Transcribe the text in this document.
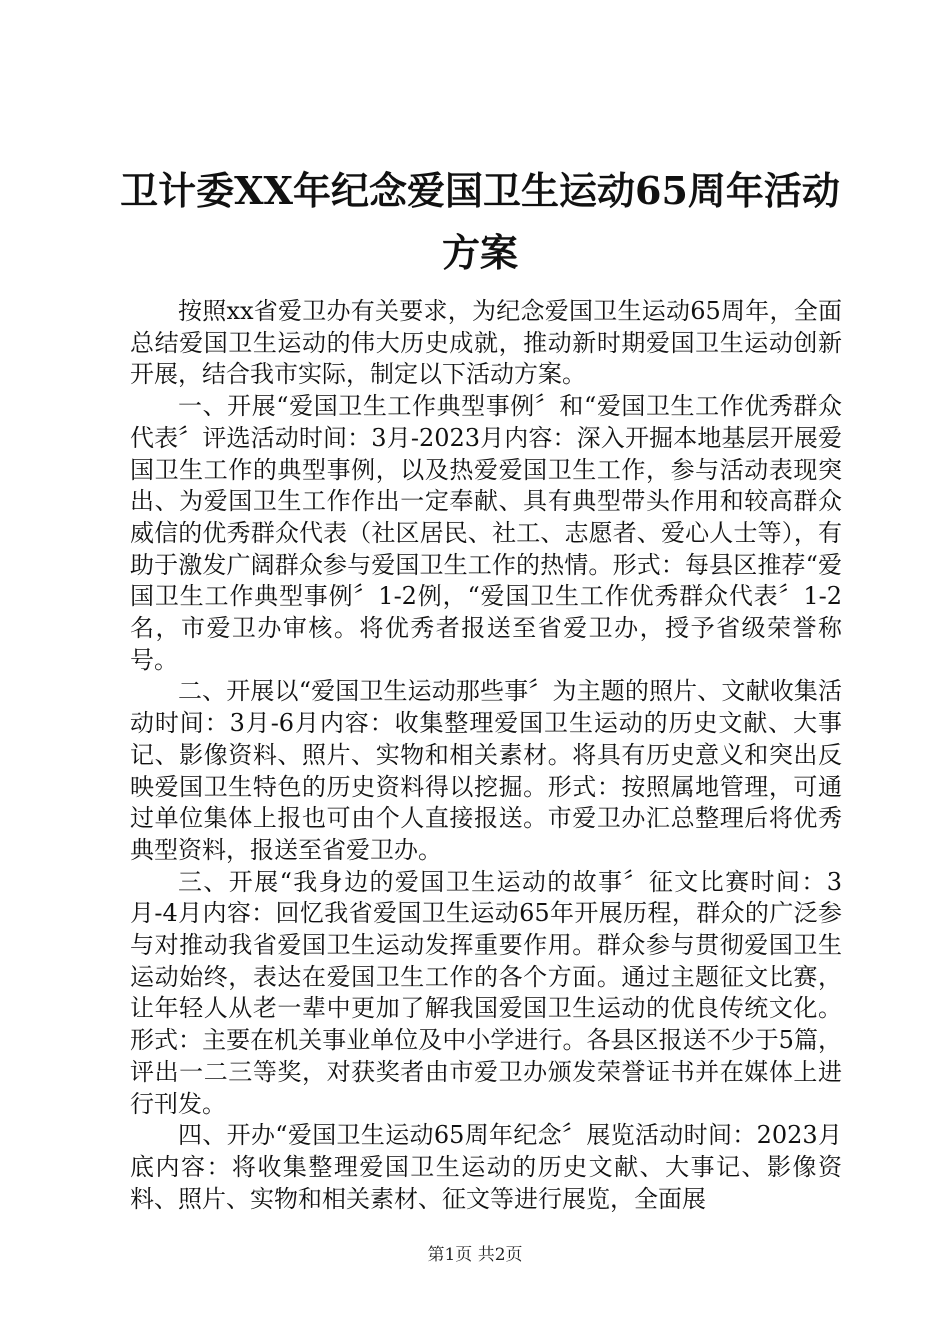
卫计委XX年纪念爱国卫生运动65周年活动方案

按照xx省爱卫办有关要求，为纪念爱国卫生运动65周年，全面总结爱国卫生运动的伟大历史成就，推动新时期爱国卫生运动创新开展，结合我市实际，制定以下活动方案。

一、开展“爱国卫生工作典型事例〞和“爱国卫生工作优秀群众代表〞评选活动时间：3月-2023月内容：深入开掘本地基层开展爱国卫生工作的典型事例，以及热爱爱国卫生工作，参与活动表现突出、为爱国卫生工作作出一定奉献、具有典型带头作用和较高群众威信的优秀群众代表（社区居民、社工、志愿者、爱心人士等），有助于激发广阔群众参与爱国卫生工作的热情。形式：每县区推荐“爱国卫生工作典型事例〞1-2例，“爱国卫生工作优秀群众代表〞1-2名，市爱卫办审核。将优秀者报送至省爱卫办，授予省级荣誉称号。

二、开展以“爱国卫生运动那些事〞为主题的照片、文献收集活动时间：3月-6月内容：收集整理爱国卫生运动的历史文献、大事记、影像资料、照片、实物和相关素材。将具有历史意义和突出反映爱国卫生特色的历史资料得以挖掘。形式：按照属地管理，可通过单位集体上报也可由个人直接报送。市爱卫办汇总整理后将优秀典型资料，报送至省爱卫办。

三、开展“我身边的爱国卫生运动的故事〞征文比赛时间：3月-4月内容：回忆我省爱国卫生运动65年开展历程，群众的广泛参与对推动我省爱国卫生运动发挥重要作用。群众参与贯彻爱国卫生运动始终，表达在爱国卫生工作的各个方面。通过主题征文比赛，让年轻人从老一辈中更加了解我国爱国卫生运动的优良传统文化。形式：主要在机关事业单位及中小学进行。各县区报送不少于5篇，评出一二三等奖，对获奖者由市爱卫办颁发荣誉证书并在媒体上进行刊发。

四、开办“爱国卫生运动65周年纪念〞展览活动时间：2023月底内容：将收集整理爱国卫生运动的历史文献、大事记、影像资料、照片、实物和相关素材、征文等进行展览，全面展

第1页 共2页
